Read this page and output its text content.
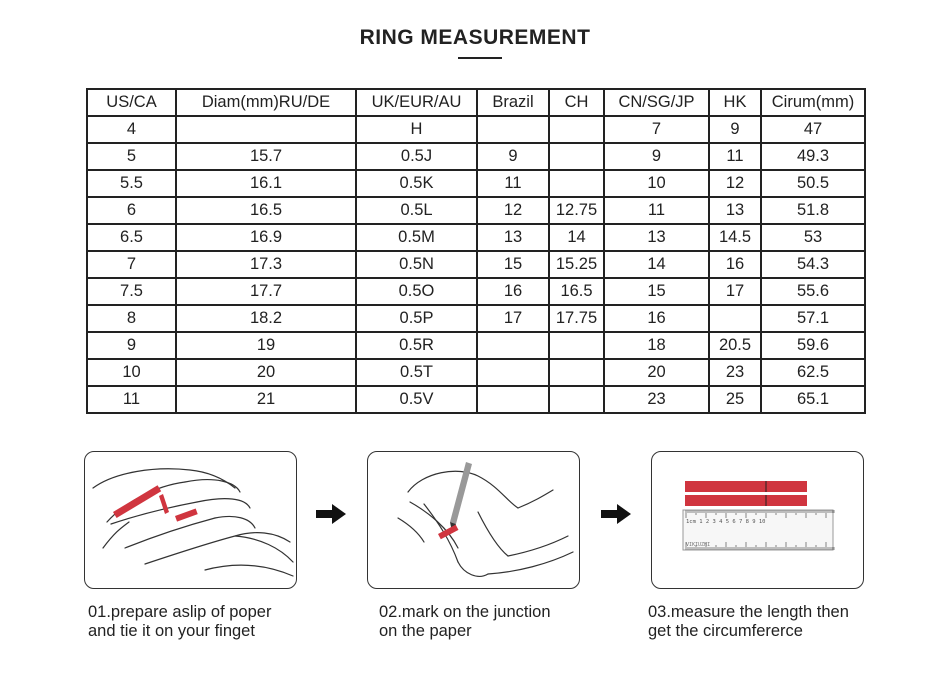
RING MEASUREMENT
US/CA	Diam(mm)RU/DE	UK/EUR/AU	Brazil	CH	CN/SG/JP	HK	Cirum(mm)
4		H			7	9	47
5	15.7	0.5J	9		9	11	49.3
5.5	16.1	0.5K	11		10	12	50.5
6	16.5	0.5L	12	12.75	11	13	51.8
6.5	16.9	0.5M	13	14	13	14.5	53
7	17.3	0.5N	15	15.25	14	16	54.3
7.5	17.7	0.5O	16	16.5	15	17	55.6
8	18.2	0.5P	17	17.75	16		57.1
9	19	0.5R			18	20.5	59.6
10	20	0.5T			20	23	62.5
11	21	0.5V			23	25	65.1
1cm 1 2 3 4 5 6 7 8 9 10
VIKIUZHI
01.prepare aslip of poper
and tie it on your finget
02.mark on the junction
on the paper
03.measure the length then
get the circumfererce
